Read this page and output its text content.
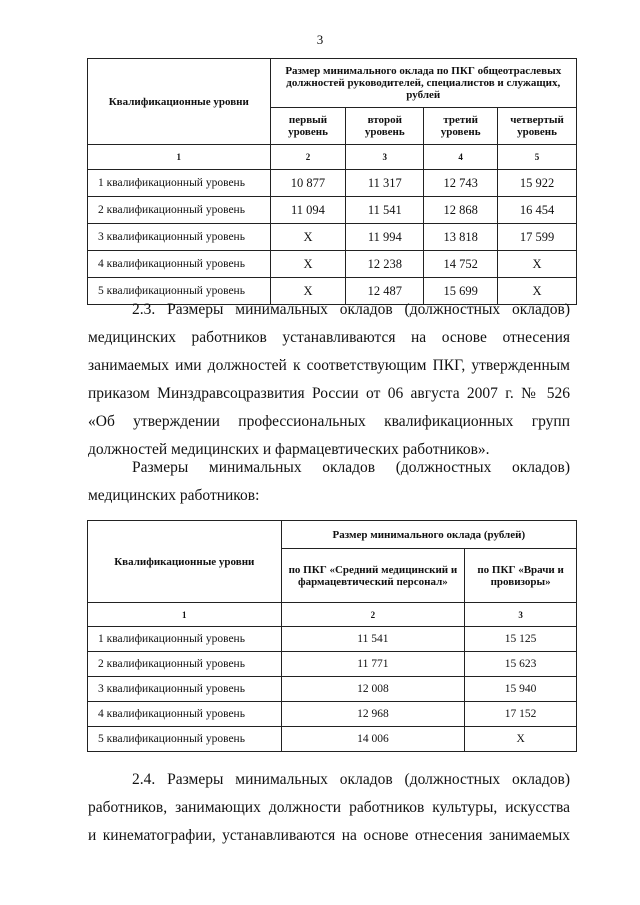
3
Квалификационные уровни	Размер минимального оклада по ПКГ общеотраслевых должностей руководителей, специалистов и служащих, рублей			
	первый уровень	второй уровень	третий уровень	четвертый уровень
1	2	3	4	5
1 квалификационный уровень	10 877	11 317	12 743	15 922
2 квалификационный уровень	11 094	11 541	12 868	16 454
3 квалификационный уровень	X	11 994	13 818	17 599
4 квалификационный уровень	X	12 238	14 752	X
5 квалификационный уровень	X	12 487	15 699	X
2.3. Размеры минимальных окладов (должностных окладов)
медицинских работников устанавливаются на основе отнесения
занимаемых ими должностей к соответствующим ПКГ, утвержденным
приказом Минздравсоцразвития России от 06 августа 2007 г. № 526
«Об утверждении профессиональных квалификационных групп
должностей медицинских и фармацевтических работников».
Размеры минимальных окладов (должностных окладов)
медицинских работников:
Квалификационные уровни	Размер минимального оклада (рублей)	
	по ПКГ «Средний медицинский и фармацевтический персонал»	по ПКГ «Врачи и провизоры»
1	2	3
1 квалификационный уровень	11 541	15 125
2 квалификационный уровень	11 771	15 623
3 квалификационный уровень	12 008	15 940
4 квалификационный уровень	12 968	17 152
5 квалификационный уровень	14 006	X
2.4. Размеры минимальных окладов (должностных окладов)
работников, занимающих должности работников культуры, искусства
и кинематографии, устанавливаются на основе отнесения занимаемых
